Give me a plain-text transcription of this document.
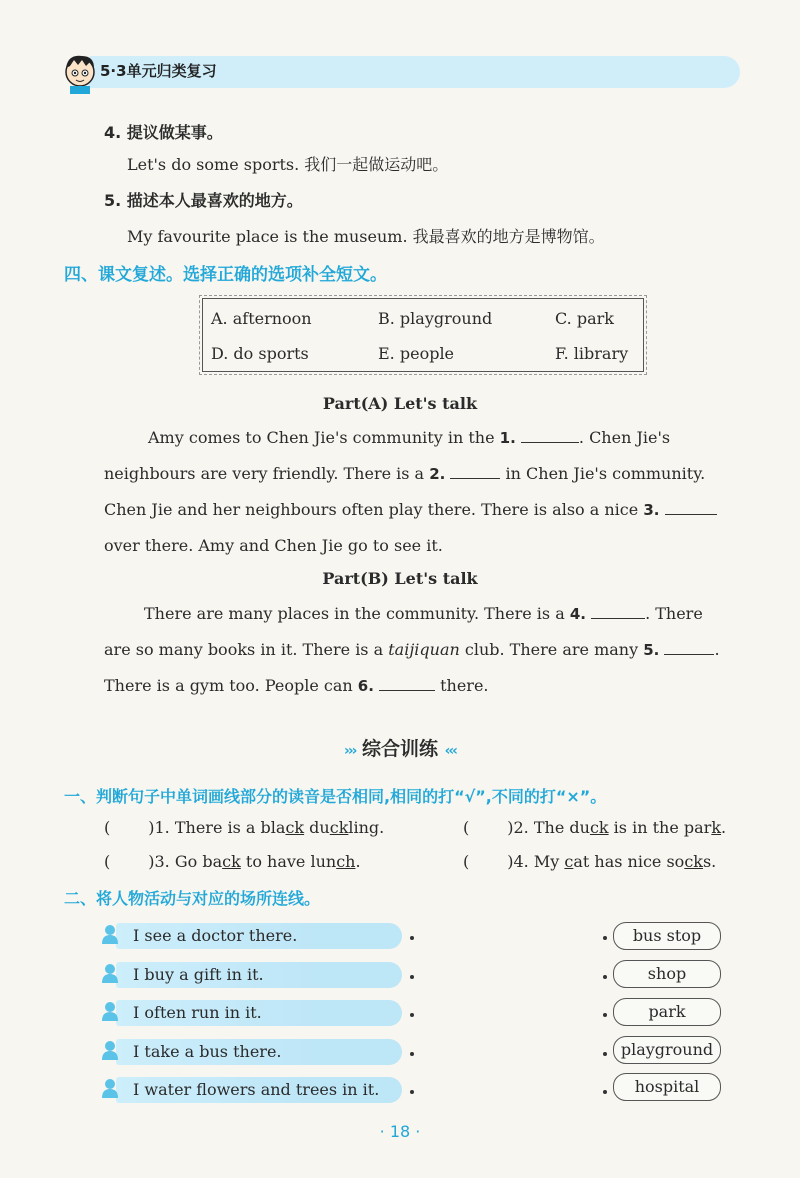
5·3单元归类复习
4. 提议做某事。
Let's do some sports. 我们一起做运动吧。
5. 描述本人最喜欢的地方。
My favourite place is the museum. 我最喜欢的地方是博物馆。
四、课文复述。选择正确的选项补全短文。
A. afternoon	B. playground	C. park
D. do sports	E. people	F. library
Part(A) Let's talk
Amy comes to Chen Jie's community in the 1.	. Chen Jie's
neighbours are very friendly. There is a 2.	in Chen Jie's community.
Chen Jie and her neighbours often play there. There is also a nice 3.
over there. Amy and Chen Jie go to see it.
Part(B) Let's talk
There are many places in the community. There is a 4.	. There
are so many books in it. There is a taijiquan club. There are many 5.	.
There is a gym too. People can 6.	there.
››› 综合训练 ‹‹‹
一、判断句子中单词画线部分的读音是否相同,相同的打“√”,不同的打“×”。
( )1. There is a black duckling.	( )2. The duck is in the park.
( )3. Go back to have lunch.	( )4. My cat has nice socks.
二、将人物活动与对应的场所连线。
I see a doctor there.
I buy a gift in it.
I often run in it.
I take a bus there.
I water flowers and trees in it.
bus stop
shop
park
playground
hospital
· 18 ·
